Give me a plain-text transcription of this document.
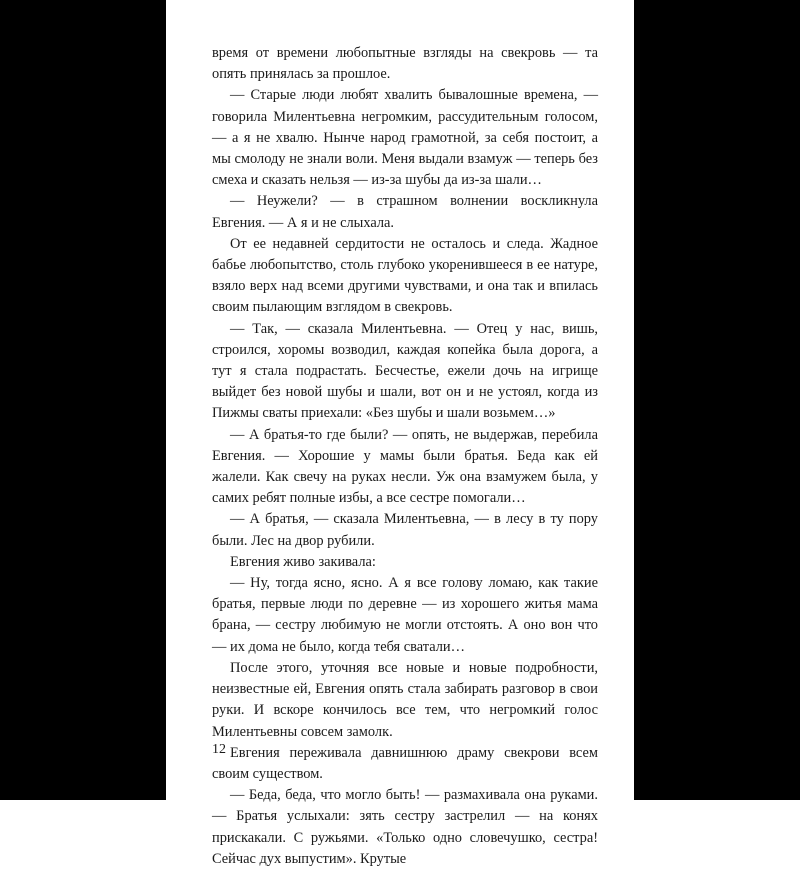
время от времени любопытные взгляды на свекровь — та опять принялась за прошлое.

— Старые люди любят хвалить бывалошные времена, — говорила Милентьевна негромким, рассудительным голосом, — а я не хвалю. Нынче народ грамотной, за себя постоит, а мы смолоду не знали воли. Меня выдали взамуж — теперь без смеха и сказать нельзя — из-за шубы да из-за шали…

— Неужели? — в страшном волнении воскликнула Евгения. — А я и не слыхала.

От ее недавней сердитости не осталось и следа. Жадное бабье любопытство, столь глубоко укоренившееся в ее натуре, взяло верх над всеми другими чувствами, и она так и впилась своим пылающим взглядом в свекровь.

— Так, — сказала Милентьевна. — Отец у нас, вишь, строился, хоромы возводил, каждая копейка была дорога, а тут я стала подрастать. Бесчестье, ежели дочь на игрище выйдет без новой шубы и шали, вот он и не устоял, когда из Пижмы сваты приехали: «Без шубы и шали возьмем…»

— А братья-то где были? — опять, не выдержав, перебила Евгения. — Хорошие у мамы были братья. Беда как ей жалели. Как свечу на руках несли. Уж она взамужем была, у самих ребят полные избы, а все сестре помогали…

— А братья, — сказала Милентьевна, — в лесу в ту пору были. Лес на двор рубили.

Евгения живо закивала:

— Ну, тогда ясно, ясно. А я все голову ломаю, как такие братья, первые люди по деревне — из хорошего житья мама брана, — сестру любимую не могли отстоять. А оно вон что — их дома не было, когда тебя сватали…

После этого, уточняя все новые и новые подробности, неизвестные ей, Евгения опять стала забирать разговор в свои руки. И вскоре кончилось все тем, что негромкий голос Милентьевны совсем замолк.

Евгения переживала давнишнюю драму свекрови всем своим существом.

— Беда, беда, что могло быть! — размахивала она руками. — Братья услыхали: зять сестру застрелил — на конях прискакали. С ружьями. «Только одно словечушко, сестра! Сейчас дух выпустим». Крутые

12
